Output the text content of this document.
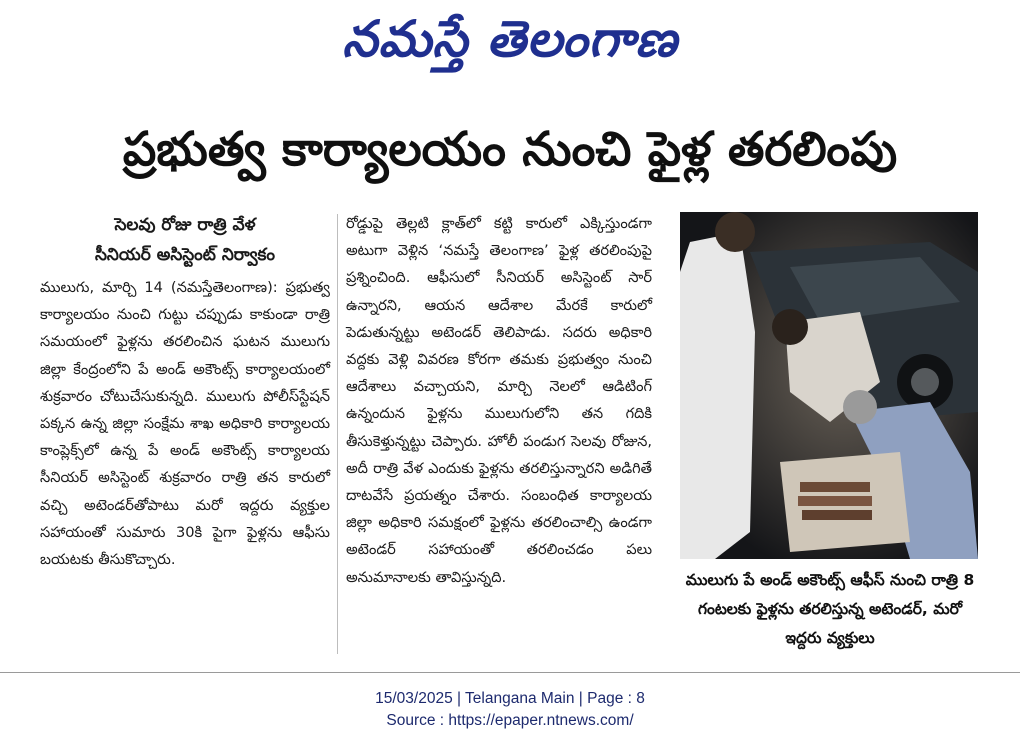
నమస్తే తెలంగాణ
ప్రభుత్వ కార్యాలయం నుంచి ఫైళ్ల తరలింపు

సెలవు రోజు రాత్రి వేళ
సీనియర్ అసిస్టెంట్ నిర్వాకం

ములుగు, మార్చి 14 (నమస్తేతెలంగాణ): ప్రభుత్వ కార్యాలయం నుంచి గుట్టు చప్పుడు కాకుండా రాత్రి సమయంలో ఫైళ్లను తరలించిన ఘటన ములుగు జిల్లా కేంద్రంలోని పే అండ్ అకౌంట్స్ కార్యాలయంలో శుక్రవారం చోటుచేసుకున్నది. ములుగు పోలీస్‌స్టేషన్ పక్కన ఉన్న జిల్లా సంక్షేమ శాఖ అధికారి కార్యాలయ కాంప్లెక్స్‌లో ఉన్న పే అండ్ అకౌంట్స్ కార్యాలయ సీనియర్ అసిస్టెంట్ శుక్రవారం రాత్రి తన కారులో వచ్చి అటెండర్‌తోపాటు మరో ఇద్దరు వ్యక్తుల సహాయంతో సుమారు 30కి పైగా ఫైళ్లను ఆఫీసు బయటకు తీసుకొచ్చారు.

రోడ్డుపై తెల్లటి క్లాత్‌లో కట్టి కారులో ఎక్కిస్తుండగా అటుగా వెళ్లిన ‘నమస్తే తెలంగాణ’ ఫైళ్ల తరలింపుపై ప్రశ్నించింది. ఆఫీసులో సీనియర్ అసిస్టెంట్ సార్ ఉన్నారని, ఆయన ఆదేశాల మేరకే కారులో పెడుతున్నట్టు అటెండర్ తెలిపాడు. సదరు అధికారి వద్దకు వెళ్లి వివరణ కోరగా తమకు ప్రభుత్వం నుంచి ఆదేశాలు వచ్చాయని, మార్చి నెలలో ఆడిటింగ్ ఉన్నందున ఫైళ్లను ములుగులోని తన గదికి తీసుకెళ్తున్నట్టు చెప్పారు. హోలీ పండుగ సెలవు రోజున, అదీ రాత్రి వేళ ఎందుకు ఫైళ్లను తరలిస్తున్నారని అడిగితే దాటవేసే ప్రయత్నం చేశారు. సంబంధిత కార్యాలయ జిల్లా అధికారి సమక్షంలో ఫైళ్లను తరలించాల్సి ఉండగా అటెండర్ సహాయంతో తరలించడం పలు అనుమానాలకు తావిస్తున్నది.	ములుగు పే అండ్ అకౌంట్స్ ఆఫీస్ నుంచి రాత్రి 8 గంటలకు ఫైళ్లను తరలిస్తున్న అటెండర్, మరో ఇద్దరు వ్యక్తులు
15/03/2025 | Telangana Main | Page : 8
Source : https://epaper.ntnews.com/
